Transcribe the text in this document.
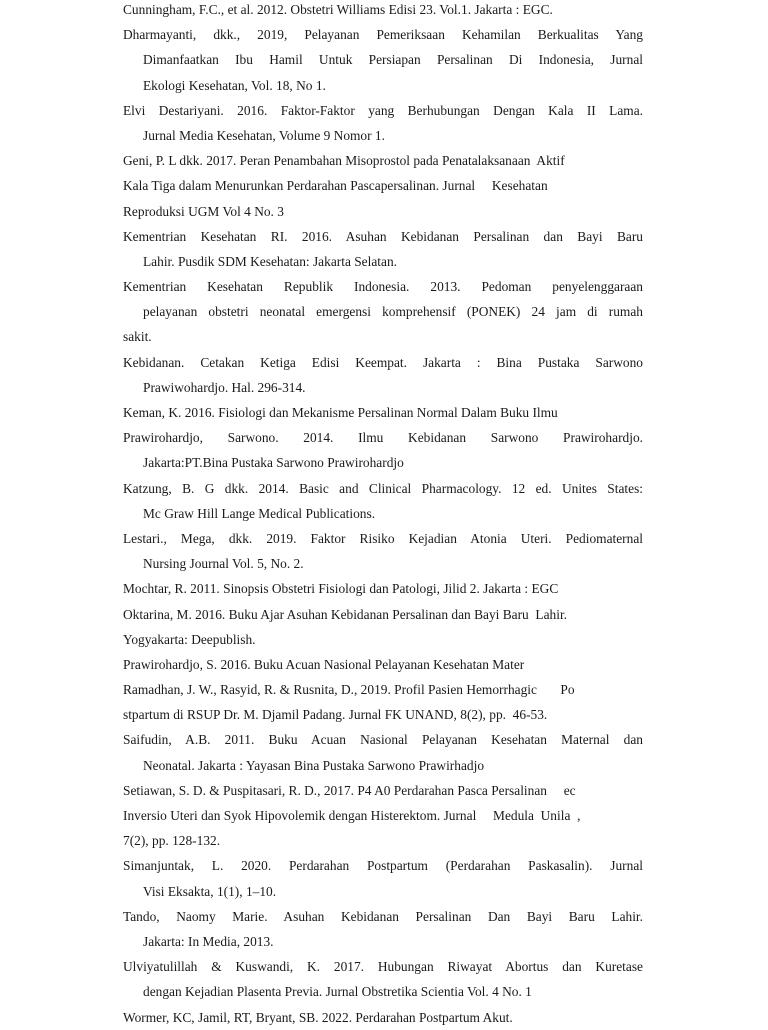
Cunningham, F.C., et al. 2012. Obstetri Williams Edisi 23. Vol.1. Jakarta : EGC.
Dharmayanti, dkk., 2019, Pelayanan Pemeriksaan Kehamilan Berkualitas Yang
Dimanfaatkan Ibu Hamil Untuk Persiapan Persalinan Di Indonesia, Jurnal
Ekologi Kesehatan, Vol. 18, No 1.
Elvi Destariyani. 2016. Faktor-Faktor yang Berhubungan Dengan Kala II Lama.
Jurnal Media Kesehatan, Volume 9 Nomor 1.
Geni, P. L dkk. 2017. Peran Penambahan Misoprostol pada Penatalaksanaan  Aktif
Kala Tiga dalam Menurunkan Perdarahan Pascapersalinan. Jurnal     Kesehatan
Reproduksi UGM Vol 4 No. 3
Kementrian Kesehatan RI. 2016. Asuhan Kebidanan Persalinan dan Bayi Baru
Lahir. Pusdik SDM Kesehatan: Jakarta Selatan.
Kementrian Kesehatan Republik Indonesia. 2013. Pedoman penyelenggaraan
pelayanan obstetri neonatal emergensi komprehensif (PONEK) 24 jam di rumah
sakit.
Kebidanan. Cetakan Ketiga Edisi Keempat. Jakarta : Bina Pustaka Sarwono
Prawiwohardjo. Hal. 296-314.
Keman, K. 2016. Fisiologi dan Mekanisme Persalinan Normal Dalam Buku Ilmu
Prawirohardjo, Sarwono. 2014. Ilmu Kebidanan Sarwono Prawirohardjo.
Jakarta:PT.Bina Pustaka Sarwono Prawirohardjo
Katzung, B. G dkk. 2014. Basic and Clinical Pharmacology. 12 ed. Unites States:
Mc Graw Hill Lange Medical Publications.
Lestari., Mega, dkk. 2019. Faktor Risiko Kejadian Atonia Uteri. Pediomaternal
Nursing Journal Vol. 5, No. 2.
Mochtar, R. 2011. Sinopsis Obstetri Fisiologi dan Patologi, Jilid 2. Jakarta : EGC
Oktarina, M. 2016. Buku Ajar Asuhan Kebidanan Persalinan dan Bayi Baru  Lahir.
Yogyakarta: Deepublish.
Prawirohardjo, S. 2016. Buku Acuan Nasional Pelayanan Kesehatan Mater
Ramadhan, J. W., Rasyid, R. & Rusnita, D., 2019. Profil Pasien Hemorrhagic       Po
stpartum di RSUP Dr. M. Djamil Padang. Jurnal FK UNAND, 8(2), pp.  46-53.
Saifudin, A.B. 2011. Buku Acuan Nasional Pelayanan Kesehatan Maternal dan
Neonatal. Jakarta : Yayasan Bina Pustaka Sarwono Prawirhadjo
Setiawan, S. D. & Puspitasari, R. D., 2017. P4 A0 Perdarahan Pasca Persalinan     ec
Inversio Uteri dan Syok Hipovolemik dengan Histerektom. Jurnal     Medula  Unila  ,
7(2), pp. 128-132.
Simanjuntak, L. 2020. Perdarahan Postpartum (Perdarahan Paskasalin). Jurnal
Visi Eksakta, 1(1), 1–10.
Tando, Naomy Marie. Asuhan Kebidanan Persalinan Dan Bayi Baru Lahir.
Jakarta: In Media, 2013.
Ulviyatulillah & Kuswandi, K. 2017. Hubungan Riwayat Abortus dan Kuretase
dengan Kejadian Plasenta Previa. Jurnal Obstretika Scientia Vol. 4 No. 1
Wormer, KC, Jamil, RT, Bryant, SB. 2022. Perdarahan Postpartum Akut.
